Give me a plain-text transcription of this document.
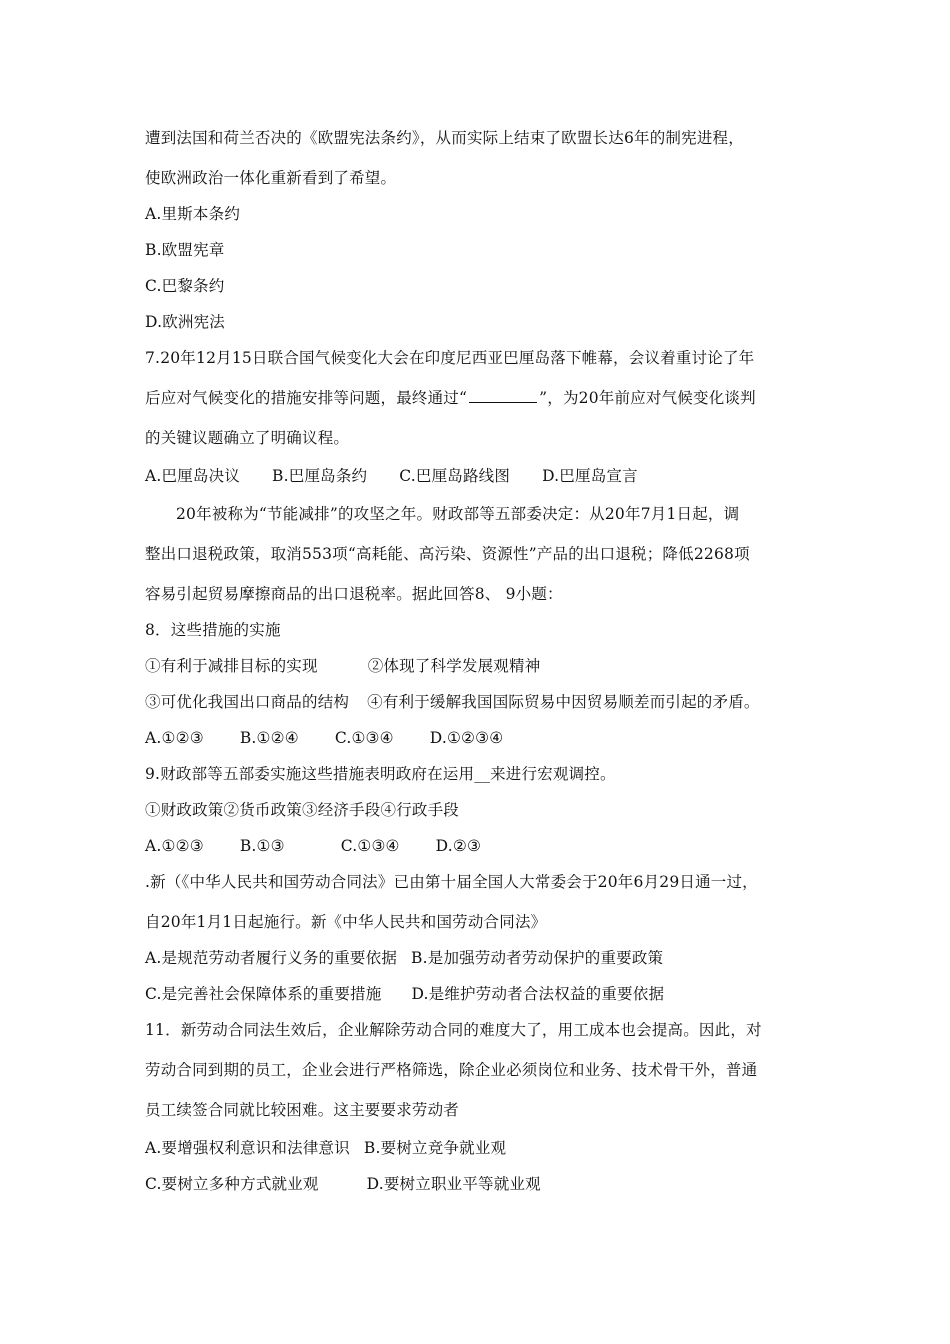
遭到法国和荷兰否决的《欧盟宪法条约》，从而实际上结束了欧盟长达6年的制宪进程，
使欧洲政治一体化重新看到了希望。
A.里斯本条约
B.欧盟宪章
C.巴黎条约
D.欧洲宪法
7.20年12月15日联合国气候变化大会在印度尼西亚巴厘岛落下帷幕，会议着重讨论了年
后应对气候变化的措施安排等问题，最终通过“	”，为20年前应对气候变化谈判
的关键议题确立了明确议程。
A.巴厘岛决议 B.巴厘岛条约 C.巴厘岛路线图 D.巴厘岛宣言
20年被称为“节能减排”的攻坚之年。财政部等五部委决定：从20年7月1日起，调
整出口退税政策，取消553项“高耗能、高污染、资源性”产品的出口退税；降低2268项
容易引起贸易摩擦商品的出口退税率。据此回答8、 9小题：
8．这些措施的实施
①有利于减排目标的实现	②体现了科学发展观精神
③可优化我国出口商品的结构 ④有利于缓解我国国际贸易中因贸易顺差而引起的矛盾。
A.①②③ B.①②④ C.①③④ D.①②③④
9.财政部等五部委实施这些措施表明政府在运用__来进行宏观调控。
①财政政策②货币政策③经济手段④行政手段
A.①②③ B.①③	C.①③④ D.②③
.新（《中华人民共和国劳动合同法》已由第十届全国人大常委会于20年6月29日通一过，
自20年1月1日起施行。新《中华人民共和国劳动合同法》
A.是规范劳动者履行义务的重要依据 B.是加强劳动者劳动保护的重要政策
C.是完善社会保障体系的重要措施 D.是维护劳动者合法权益的重要依据
11．新劳动合同法生效后，企业解除劳动合同的难度大了，用工成本也会提高。因此，对
劳动合同到期的员工，企业会进行严格筛选，除企业必须岗位和业务、技术骨干外，普通
员工续签合同就比较困难。这主要要求劳动者
A.要增强权利意识和法律意识 B.要树立竞争就业观
C.要树立多种方式就业观	D.要树立职业平等就业观
